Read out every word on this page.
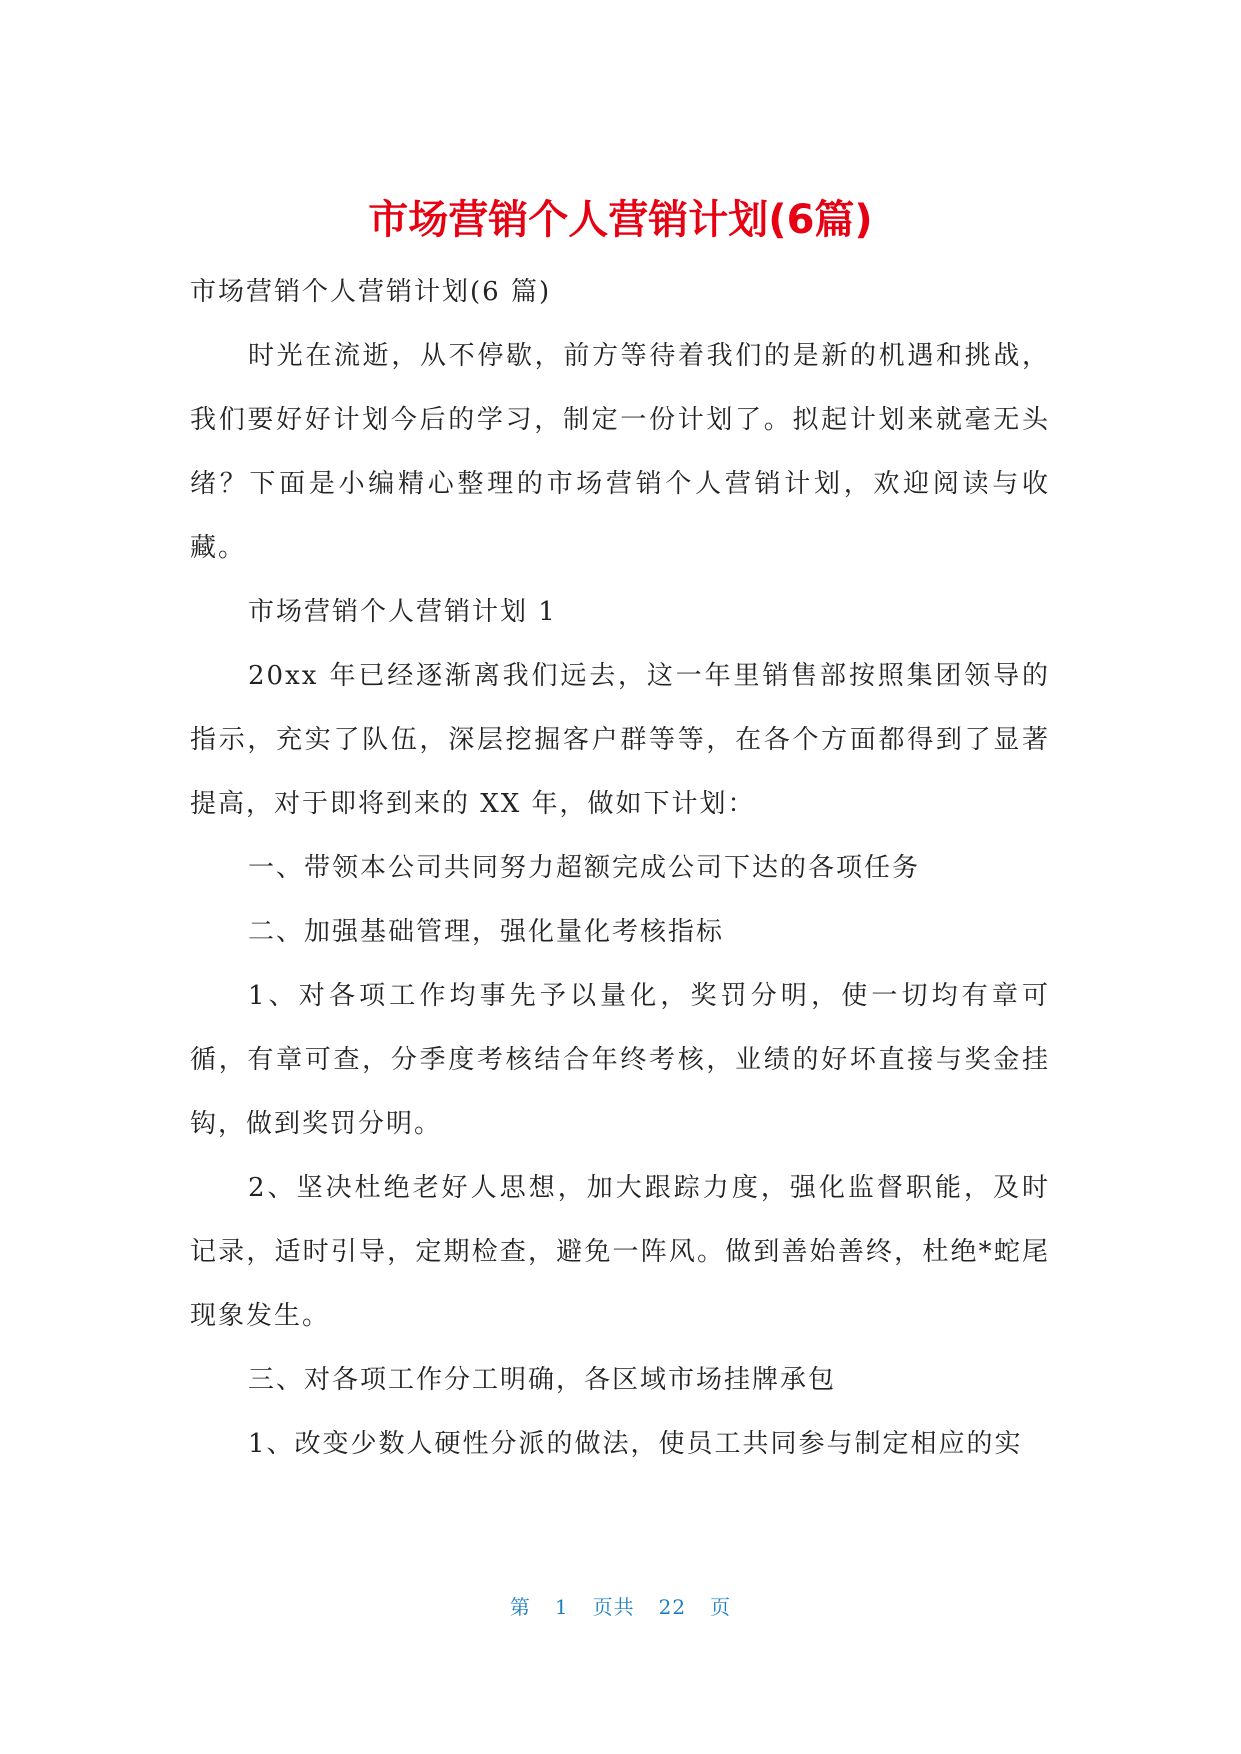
市场营销个人营销计划(6篇)

市场营销个人营销计划(6 篇)

时光在流逝，从不停歇，前方等待着我们的是新的机遇和挑战，我们要好好计划今后的学习，制定一份计划了。拟起计划来就毫无头绪？下面是小编精心整理的市场营销个人营销计划，欢迎阅读与收藏。

市场营销个人营销计划 1

20xx 年已经逐渐离我们远去，这一年里销售部按照集团领导的指示，充实了队伍，深层挖掘客户群等等，在各个方面都得到了显著提高，对于即将到来的 XX 年，做如下计划：

一、带领本公司共同努力超额完成公司下达的各项任务

二、加强基础管理，强化量化考核指标

1、对各项工作均事先予以量化，奖罚分明，使一切均有章可循，有章可查，分季度考核结合年终考核，业绩的好坏直接与奖金挂钩，做到奖罚分明。

2、坚决杜绝老好人思想，加大跟踪力度，强化监督职能，及时记录，适时引导，定期检查，避免一阵风。做到善始善终，杜绝*蛇尾现象发生。

三、对各项工作分工明确，各区域市场挂牌承包

1、改变少数人硬性分派的做法，使员工共同参与制定相应的实

第 1 页共 22 页
